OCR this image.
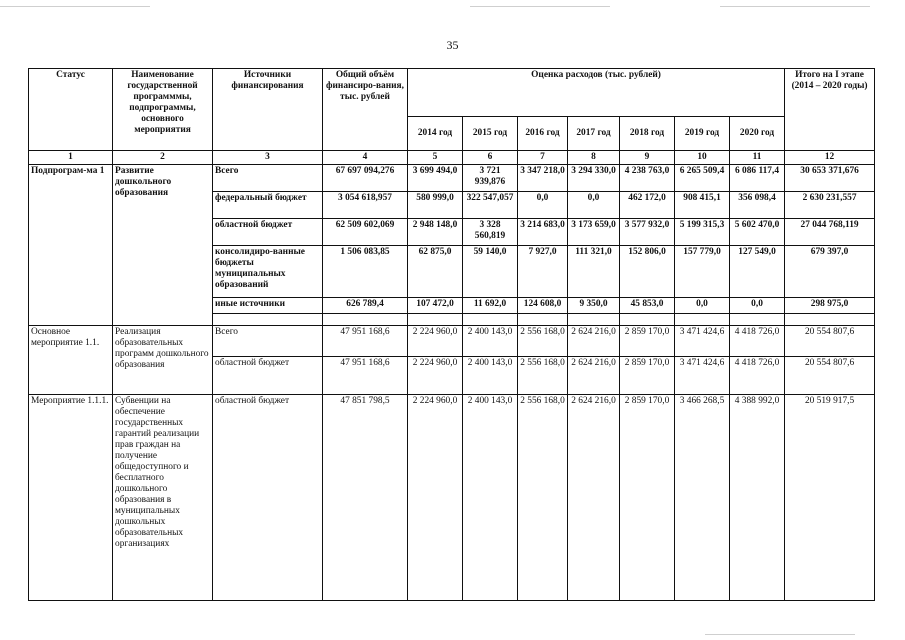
35
Статус	Наименование государственной программмы, подпрограммы, основного мероприятия	Источники финансирования	Общий объём финансиро-вания, тыс. рублей	Оценка расходов (тыс. рублей)							Итого на I этапе (2014 – 2020 годы)
				2014 год	2015 год	2016 год	2017 год	2018 год	2019 год	2020 год	
1	2	3	4	5	6	7	8	9	10	11	12
Подпрограм-ма 1	Развитие дошкольного образования	Всего	67 697 094,276	3 699 494,0	3 721 939,876	3 347 218,0	3 294 330,0	4 238 763,0	6 265 509,4	6 086 117,4	30 653 371,676
		федеральный бюджет	3 054 618,957	580 999,0	322 547,057	0,0	0,0	462 172,0	908 415,1	356 098,4	2 630 231,557
		областной бюджет	62 509 602,069	2 948 148,0	3 328 560,819	3 214 683,0	3 173 659,0	3 577 932,0	5 199 315,3	5 602 470,0	27 044 768,119
		консолидиро-ванные бюджеты муниципальных образований	1 506 083,85	62 875,0	59 140,0	7 927,0	111 321,0	152 806,0	157 779,0	127 549,0	679 397,0
		иные источники	626 789,4	107 472,0	11 692,0	124 608,0	9 350,0	45 853,0	0,0	0,0	298 975,0

Основное мероприятие 1.1.	Реализация образовательных программ дошкольного образования	Всего	47 951 168,6	2 224 960,0	2 400 143,0	2 556 168,0	2 624 216,0	2 859 170,0	3 471 424,6	4 418 726,0	20 554 807,6
		областной бюджет	47 951 168,6	2 224 960,0	2 400 143,0	2 556 168,0	2 624 216,0	2 859 170,0	3 471 424,6	4 418 726,0	20 554 807,6
Мероприятие 1.1.1.	Субвенции на обеспечение государственных гарантий реализации прав граждан на получение общедоступного и бесплатного дошкольного образования в муниципальных дошкольных образовательных организациях	областной бюджет	47 851 798,5	2 224 960,0	2 400 143,0	2 556 168,0	2 624 216,0	2 859 170,0	3 466 268,5	4 388 992,0	20 519 917,5
